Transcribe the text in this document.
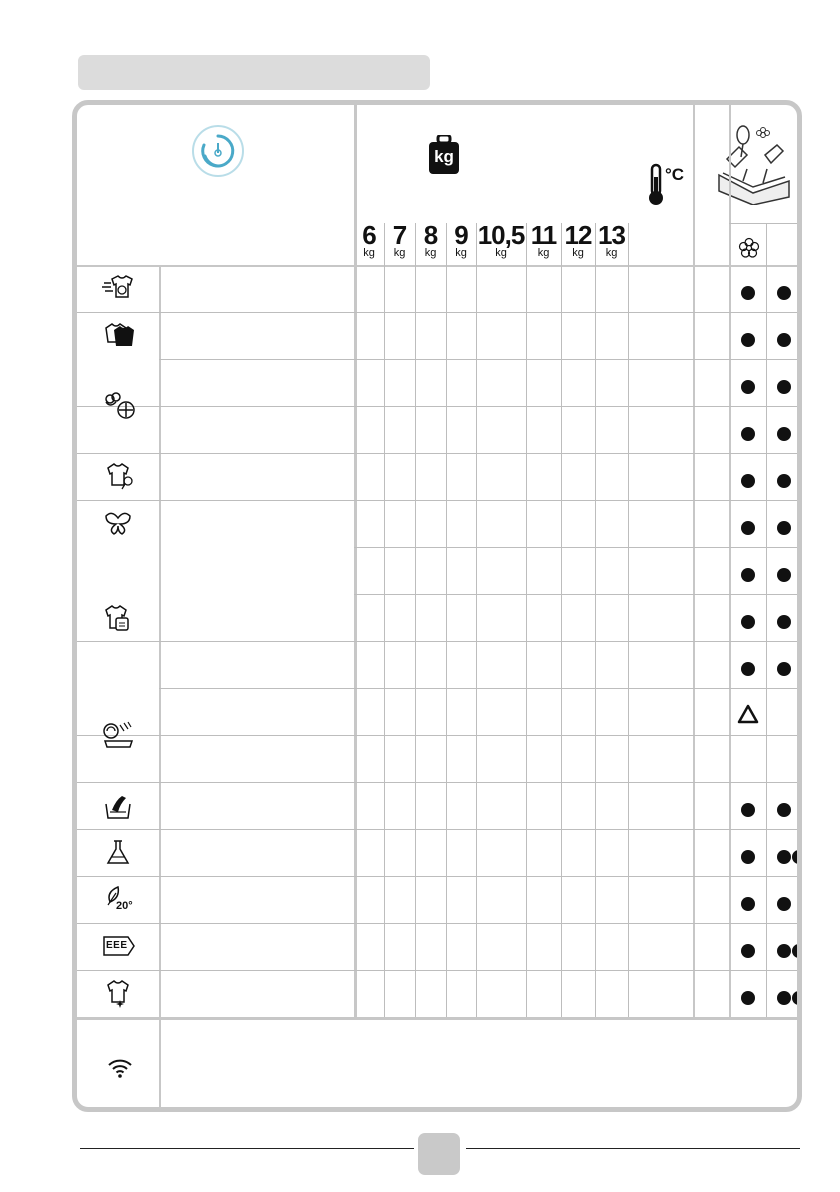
kg
°C
6
kg
7
kg
8
kg
9
kg
10,5
kg
11
kg
12
kg
13
kg
20°
EEE
